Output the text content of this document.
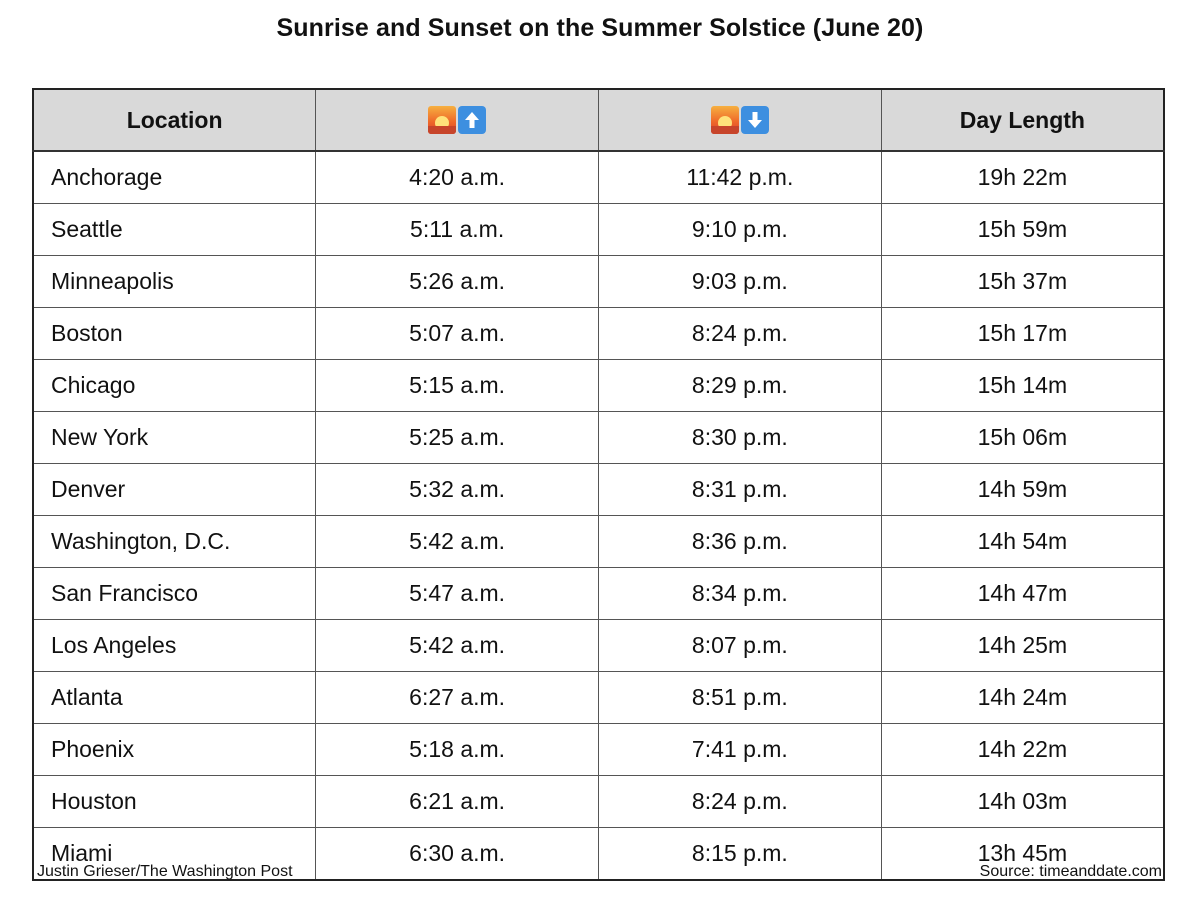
Sunrise and Sunset on the Summer Solstice (June 20)
Location			Day Length
Anchorage	4:20 a.m.	11:42 p.m.	19h 22m
Seattle	5:11 a.m.	9:10 p.m.	15h 59m
Minneapolis	5:26 a.m.	9:03 p.m.	15h 37m
Boston	5:07 a.m.	8:24 p.m.	15h 17m
Chicago	5:15 a.m.	8:29 p.m.	15h 14m
New York	5:25 a.m.	8:30 p.m.	15h 06m
Denver	5:32 a.m.	8:31 p.m.	14h 59m
Washington, D.C.	5:42 a.m.	8:36 p.m.	14h 54m
San Francisco	5:47 a.m.	8:34 p.m.	14h 47m
Los Angeles	5:42 a.m.	8:07 p.m.	14h 25m
Atlanta	6:27 a.m.	8:51 p.m.	14h 24m
Phoenix	5:18 a.m.	7:41 p.m.	14h 22m
Houston	6:21 a.m.	8:24 p.m.	14h 03m
Miami	6:30 a.m.	8:15 p.m.	13h 45m
Justin Grieser/The Washington Post	Source: timeanddate.com
